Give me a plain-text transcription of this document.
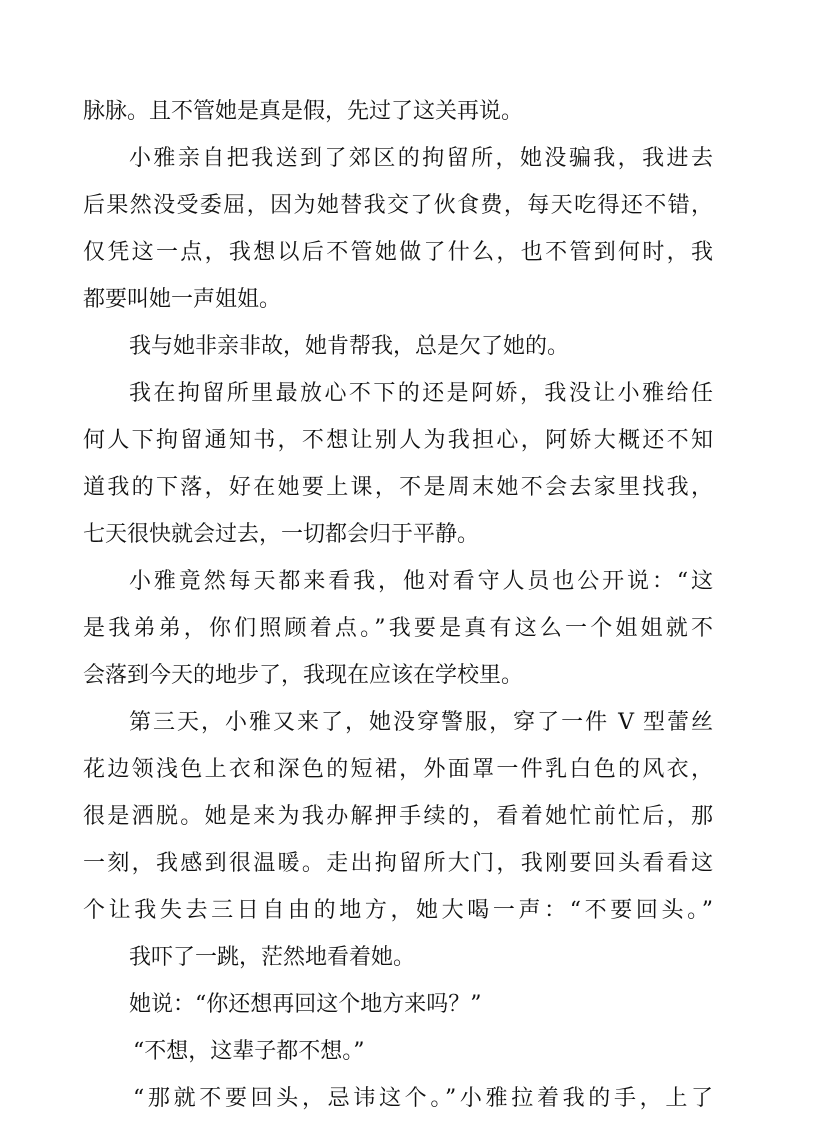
脉脉。且不管她是真是假，先过了这关再说。
小雅亲自把我送到了郊区的拘留所，她没骗我，我进去
后果然没受委屈，因为她替我交了伙食费，每天吃得还不错，
仅凭这一点，我想以后不管她做了什么，也不管到何时，我
都要叫她一声姐姐。
我与她非亲非故，她肯帮我，总是欠了她的。
我在拘留所里最放心不下的还是阿娇，我没让小雅给任
何人下拘留通知书，不想让别人为我担心，阿娇大概还不知
道我的下落，好在她要上课，不是周末她不会去家里找我，
七天很快就会过去，一切都会归于平静。
小雅竟然每天都来看我，他对看守人员也公开说：“这
是我弟弟，你们照顾着点。”我要是真有这么一个姐姐就不
会落到今天的地步了，我现在应该在学校里。
第三天，小雅又来了，她没穿警服，穿了一件 V 型蕾丝
花边领浅色上衣和深色的短裙，外面罩一件乳白色的风衣，
很是洒脱。她是来为我办解押手续的，看着她忙前忙后，那
一刻，我感到很温暖。走出拘留所大门，我刚要回头看看这
个让我失去三日自由的地方，她大喝一声：“不要回头。”
我吓了一跳，茫然地看着她。
她说：“你还想再回这个地方来吗？”
“不想，这辈子都不想。”
“那就不要回头，忌讳这个。”小雅拉着我的手，上了
